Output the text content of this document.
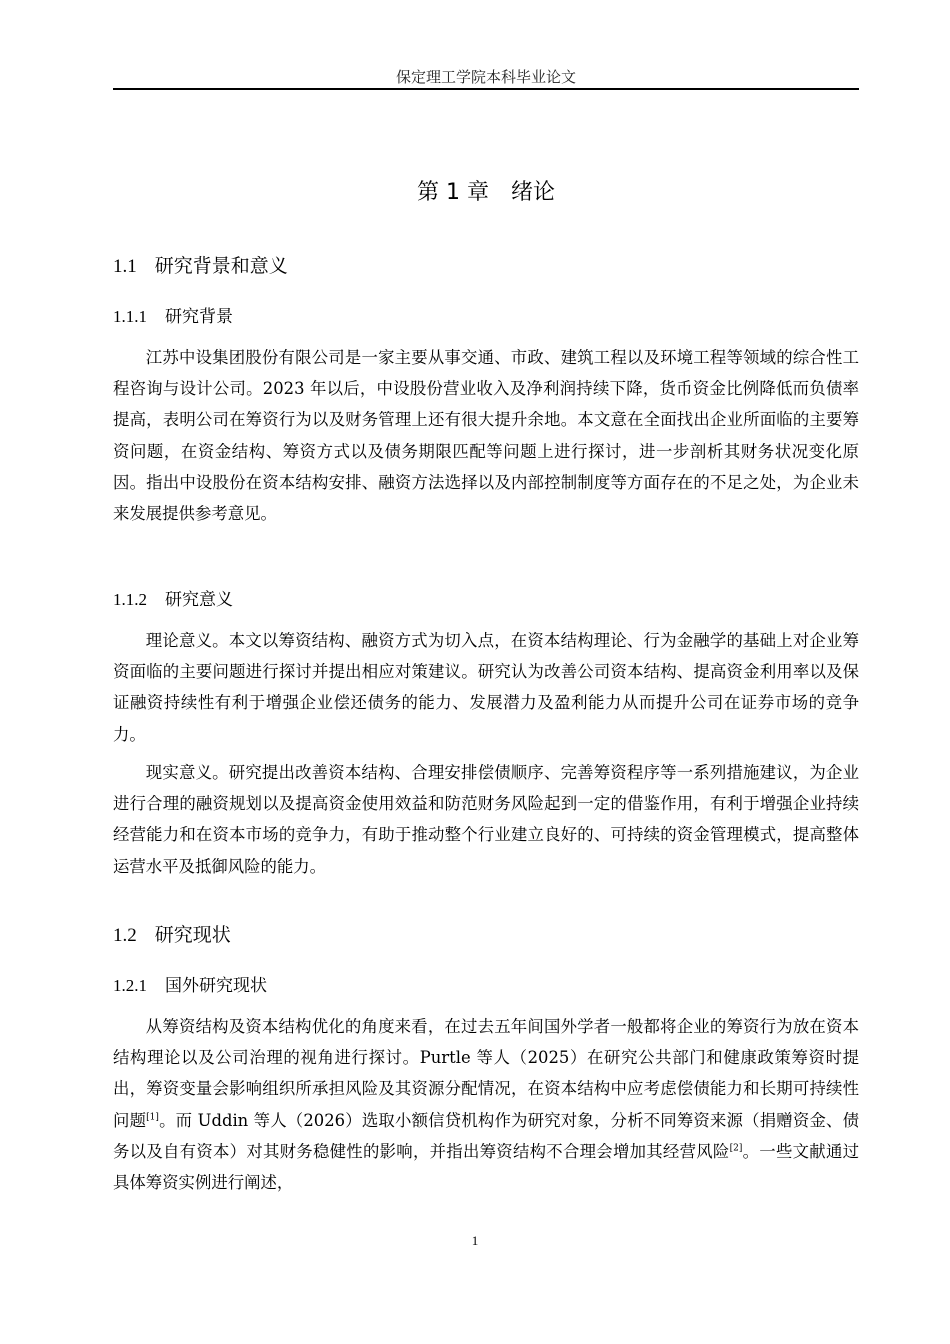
保定理工学院本科毕业论文
第 1 章　绪论
1.1 研究背景和意义
1.1.1 研究背景

江苏中设集团股份有限公司是一家主要从事交通、市政、建筑工程以及环境工程等领域的综合性工程咨询与设计公司。2023 年以后，中设股份营业收入及净利润持续下降，货币资金比例降低而负债率提高，表明公司在筹资行为以及财务管理上还有很大提升余地。本文意在全面找出企业所面临的主要筹资问题，在资金结构、筹资方式以及债务期限匹配等问题上进行探讨，进一步剖析其财务状况变化原因。指出中设股份在资本结构安排、融资方法选择以及内部控制制度等方面存在的不足之处，为企业未来发展提供参考意见。

1.1.2 研究意义

理论意义。本文以筹资结构、融资方式为切入点，在资本结构理论、行为金融学的基础上对企业筹资面临的主要问题进行探讨并提出相应对策建议。研究认为改善公司资本结构、提高资金利用率以及保证融资持续性有利于增强企业偿还债务的能力、发展潜力及盈利能力从而提升公司在证券市场的竞争力。

现实意义。研究提出改善资本结构、合理安排偿债顺序、完善筹资程序等一系列措施建议，为企业进行合理的融资规划以及提高资金使用效益和防范财务风险起到一定的借鉴作用，有利于增强企业持续经营能力和在资本市场的竞争力，有助于推动整个行业建立良好的、可持续的资金管理模式，提高整体运营水平及抵御风险的能力。

1.2 研究现状
1.2.1 国外研究现状

从筹资结构及资本结构优化的角度来看，在过去五年间国外学者一般都将企业的筹资行为放在资本结构理论以及公司治理的视角进行探讨。Purtle 等人（2025）在研究公共部门和健康政策筹资时提出，筹资变量会影响组织所承担风险及其资源分配情况，在资本结构中应考虑偿债能力和长期可持续性问题[1]。而 Uddin 等人（2026）选取小额信贷机构作为研究对象，分析不同筹资来源（捐赠资金、债务以及自有资本）对其财务稳健性的影响，并指出筹资结构不合理会增加其经营风险[2]。一些文献通过具体筹资实例进行阐述，

1
